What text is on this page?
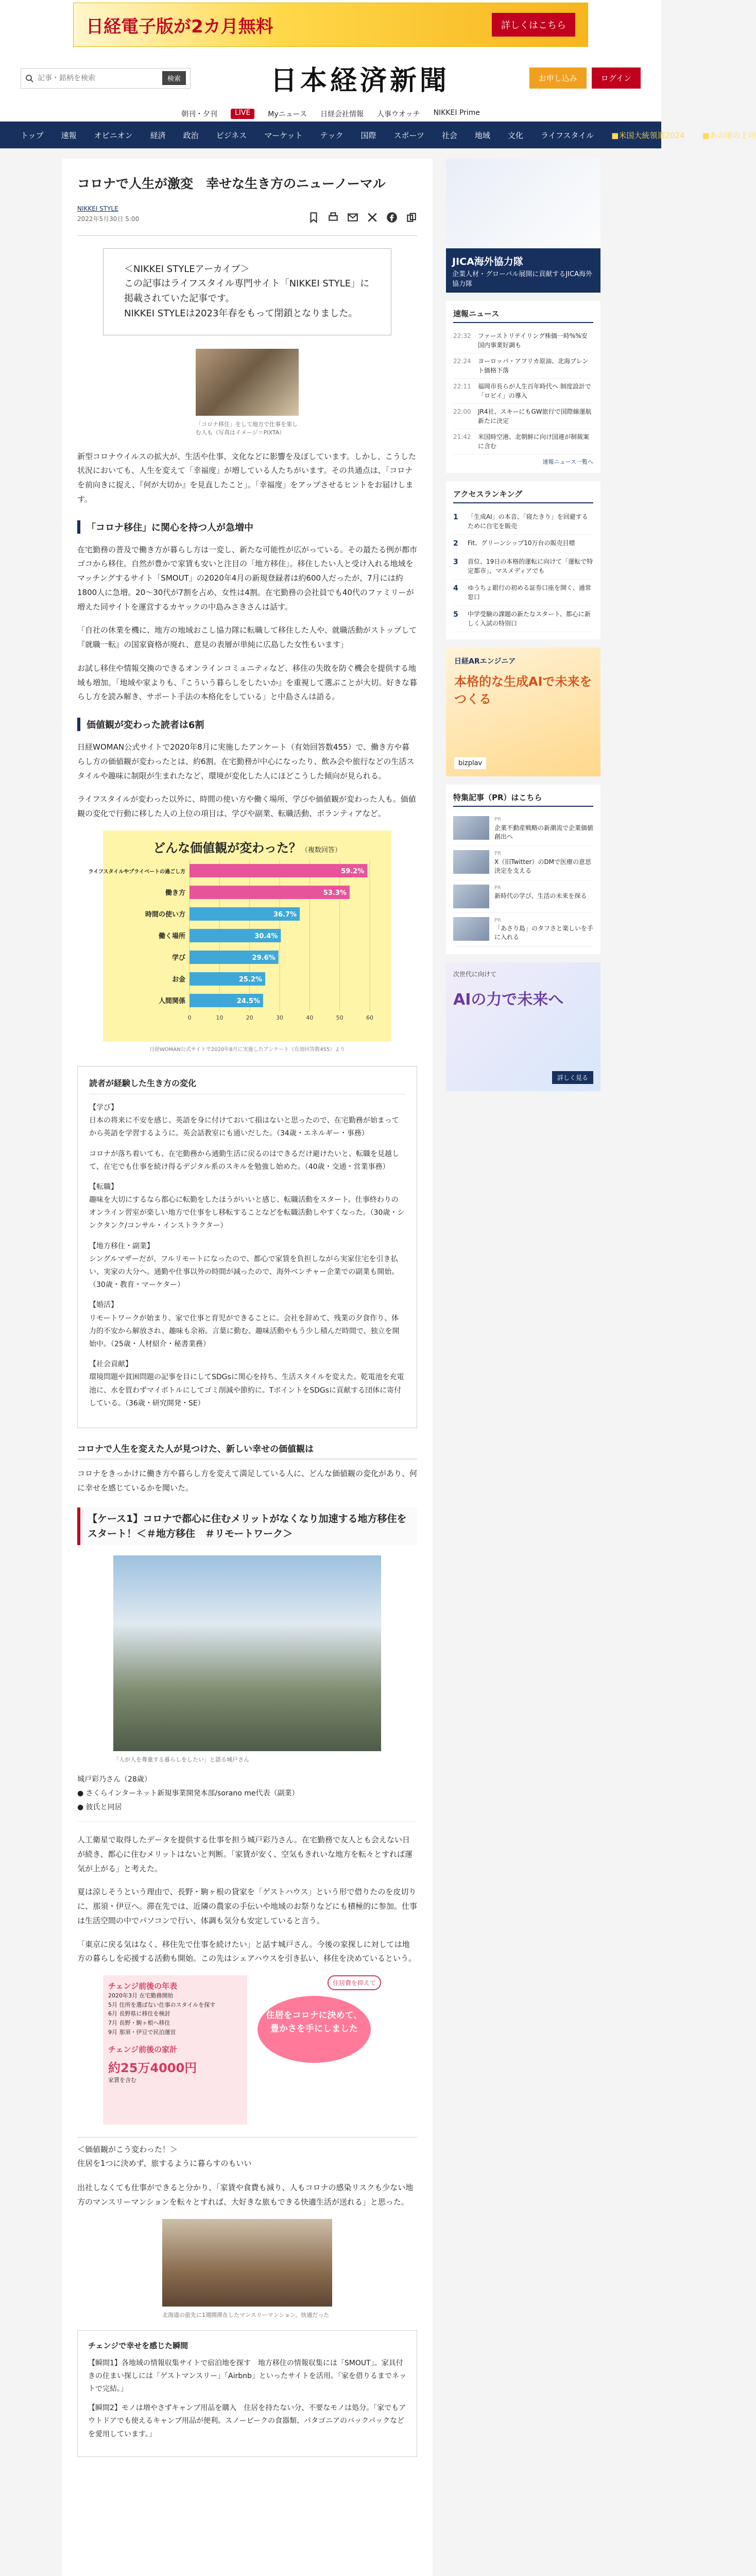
日経電子版が2カ月無料	詳しくはこちら
記事・銘柄を検索
検索	日本経済新聞	お申し込み	ログイン
朝刊・夕刊	LIVE	Myニュース 日経会社情報 人事ウオッチ NIKKEI Prime
トップ 速報 オピニオン 経済 政治 ビジネス マーケット テック 国際 スポーツ 社会 地域 文化 ライフスタイル ■米国大統領選2024 ■あの頃の上司
コロナで人生が激変　幸せな生き方のニューノーマル
NIKKEI STYLE
2022年5月30日 5:00
＜NIKKEI STYLEアーカイブ＞
この記事はライフスタイル専門サイト「NIKKEI STYLE」に掲載されていた記事です。
NIKKEI STYLEは2023年春をもって閉鎖となりました。
「コロナ移住」をして地方で仕事を楽しむ人も（写真はイメージ＝PIXTA）

新型コロナウイルスの拡大が、生活や仕事、文化などに影響を及ぼしています。しかし、こうした状況においても、人生を変えて「幸福度」が増している人たちがいます。その共通点は、「コロナを前向きに捉え、『何が大切か』を見直したこと」。「幸福度」をアップさせるヒントをお届けします。

「コロナ移住」に関心を持つ人が急増中

在宅勤務の普及で働き方が暮らし方は一変し、新たな可能性が広がっている。その最たる例が都市ゴコから移住。自然が豊かで家賃も安いと注目の「地方移住」。移住したい人と受け入れる地域をマッチングするサイト「SMOUT」の2020年4月の新規登録者は約600人だったが、7月には約1800人に急増。20〜30代が7割を占め、女性は4割。在宅勤務の会社員でも40代のファミリーが増えた同サイトを運営するカヤックの中島みさきさんは話す。

「自社の休業を機に、地方の地域おこし協力隊に転職して移住した人や、就職活動がストップして『就職一転』の国家資格が廃れ、意見の表層が単純に広島した女性もいます」

お試し移住や情報交換のできるオンラインコミュニティなど、移住の失敗を防ぐ機会を提供する地域も増加。「地域や家よりも、『こういう暮らしをしたいか』を重視して選ぶことが大切。好きな暮らし方を読み解き、サポート手法の本格化をしている」と中島さんは語る。

価値観が変わった読者は6割

日経WOMAN公式サイトで2020年8月に実施したアンケート（有効回答数455）で、働き方や暮らし方の価値観が変わったとは、約6割。在宅勤務が中心になったり、飲み会や旅行などの生活スタイルや趣味に制限が生まれたなど、環境が変化した人にほどこうした傾向が見られる。

ライフスタイルが変わった以外に、時間の使い方や働く場所、学びや価値観が変わった人も。価値観の変化で行動に移した人の上位の項目は、学びや副業、転職活動、ボランティアなど。

どんな価値観が変わった？（複数回答）
0	10	20	30	40	50	60
ライフスタイルやプライベートの過ごし方	59.2%
働き方	53.3%
時間の使い方	36.7%
働く場所	30.4%
学び	29.6%
お金	25.2%
人間関係	24.5%
日経WOMAN公式サイトで2020年8月に実施したアンケート（有効回答数455）より
読者が経験した生き方の変化
【学び】
日本の将来に不安を感じ、英語を身に付けておいて損はないと思ったので、在宅勤務が始まってから英語を学習するように。英会話教室にも通いだした。（34歳・エネルギー・事務）
コロナが落ち着いても、在宅勤務から通勤生活に戻るのはできるだけ避けたいと、転職を見越して、在宅でも仕事を続け得るデジタル系のスキルを勉強し始めた。（40歳・交通・営業事務）
【転職】
趣味を大切にするなら都心に転勤をしたほうがいいと感じ、転職活動をスタート。仕事終わりのオンライン習室が楽しい地方で仕事をし移転することなどを転職活動しやすくなった。（30歳・シンクタンク/コンサル・インストラクター）
【地方移住・副業】
シングルマザーだが、フルリモートになったので、都心で家賃を負担しながら実家住宅を引き払い、実家の大分へ。通勤や仕事以外の時間が減ったので、海外ベンチャー企業での副業も開始。（30歳・教育・マーケター）
【婚活】
リモートワークが始まり、家で仕事と育児ができることに。会社を辞めて、残業の夕食作り、体力的不安から解放され、趣味も余裕。言葉に勤む、趣味活動やもう少し積んだ時間で、独立を開始中。（25歳・人材紹介・秘書業務）
【社会貢献】
環境問題や貧困問題の記事を目にしてSDGsに関心を持ち、生活スタイルを変えた。乾電池を充電池に、水を買わずマイボトルにしてゴミ削減や節約に。TボイントをSDGsに貢献する団体に寄付している。（36歳・研究開発・SE）
コロナで人生を変えた人が見つけた、新しい幸せの価値観は

コロナをきっかけに働き方や暮らし方を変えて満足している人に、どんな価値観の変化があり、何に幸せを感じているかを聞いた。

【ケース1】コロナで都心に住むメリットがなくなり加速する地方移住をスタート！＜＃地方移住　＃リモートワーク＞
「人が人を尊重する暮らしをしたい」と語る城戸さん
城戸彩乃さん（28歳）
● さくらインターネット新規事業開発本部/sorano me代表（副業）
● 彼氏と同居

人工衛星で取得したデータを提供する仕事を担う城戸彩乃さん。在宅勤務で友人とも会えない日が続き、都心に住むメリットはないと判断。「家賃が安く、空気もきれいな地方を転々とすれば運気が上がる」と考えた。

夏は涼しそうという理由で、長野・駒ヶ根の貸家を「ゲストハウス」という形で借りたのを皮切りに、那須・伊豆へ。滞在先では、近隣の農家の手伝いや地域のお祭りなどにも積極的に参加。仕事は生活空間の中でパソコンで行い、体調も気分も安定していると言う。

「東京に戻る気はなく、移住先で仕事を続けたい」と話す城戸さん。今後の家探しに対しては地方の暮らしを応援する活動も開始。この先はシェアハウスを引き払い、移住を決めているという。

チェンジ前後の年表
2020年3月 在宅勤務開始
5月 住所を選ばない仕事のスタイルを探す
6月 長野県に移住を検討
7月 長野・駒ヶ根へ移住
9月 那須・伊豆で民泊運営
チェンジ前後の家計
約25万4000円
家賃を含む
住居費を抑えて
住居をコロナに決めて、豊かさを手にしました
＜価値観がこう変わった！＞
住居を1つに決めず、旅するように暮らすのもいい

出社しなくても仕事ができると分かり、「家賃や食費も減り、人もコロナの感染リスクも少ない地方のマンスリーマンションを転々とすれば、大好きな旅もできる快適生活が送れる」と思った。

北海道の旅先に1週間滞在したマンスリーマンション。快適だった
チェンジで幸せを感じた瞬間

【瞬間1】各地域の情報収集サイトで宿泊地を探す　地方移住の情報収集には「SMOUT」。家具付きの住まい探しには「ゲストマンスリー」「Airbnb」といったサイトを活用。「家を借りるまでネットで完結。」

【瞬間2】モノは増やさずキャンプ用品を購入　住居を持たない分、不要なモノは処分。「家でもアウトドアでも使えるキャンプ用品が便利。スノーピークの食器類、パタゴニアのバックパックなどを愛用しています。」

JICA海外協力隊
企業人材・グローバル展開に貢献するJICA海外協力隊
速報ニュース
22:32 ファーストリテイリング株価一時%%安 国内事業好調も
22:24 ヨーロッパ・アフリカ原油、北海ブレント価格下落
22:11 福岡市長らが人生百年時代へ 制度設計で「ロビイ」の導入
22:00 JR4社、スキーにもGW旅行で国際線運航新たに決定
21:42 米国時空港、北朝鮮に向け国連が制裁案に含む
速報ニュース一覧へ
アクセスランキング
1	「生成AI」の本音、「寝たきり」を回避するために自宅を販売
2	Fit、グリーンシップ10万台の販売目標
3	首位、19日の本格的運転に向けて「運転で特定都市」、マスメディアでも
4	ゆうちょ銀行の初める証券口座を開く、通常窓口
5	中学受験の課題の新たなスタート、都心に新しく入試の特別口
日経ARエンジニア
本格的な生成AIで未来をつくる
bizplav
特集記事（PR）はこちら
PR
企業不動産戦略の新潮流で企業価値創出へ
PR
X（旧Twitter）のDMで医療の意思決定を支える
PR
新時代の学び、生活の未来を探る
PR
「あさり島」のタフさと楽しいを手に入れる
次世代に向けて
AIの力で未来へ
詳しく見る
